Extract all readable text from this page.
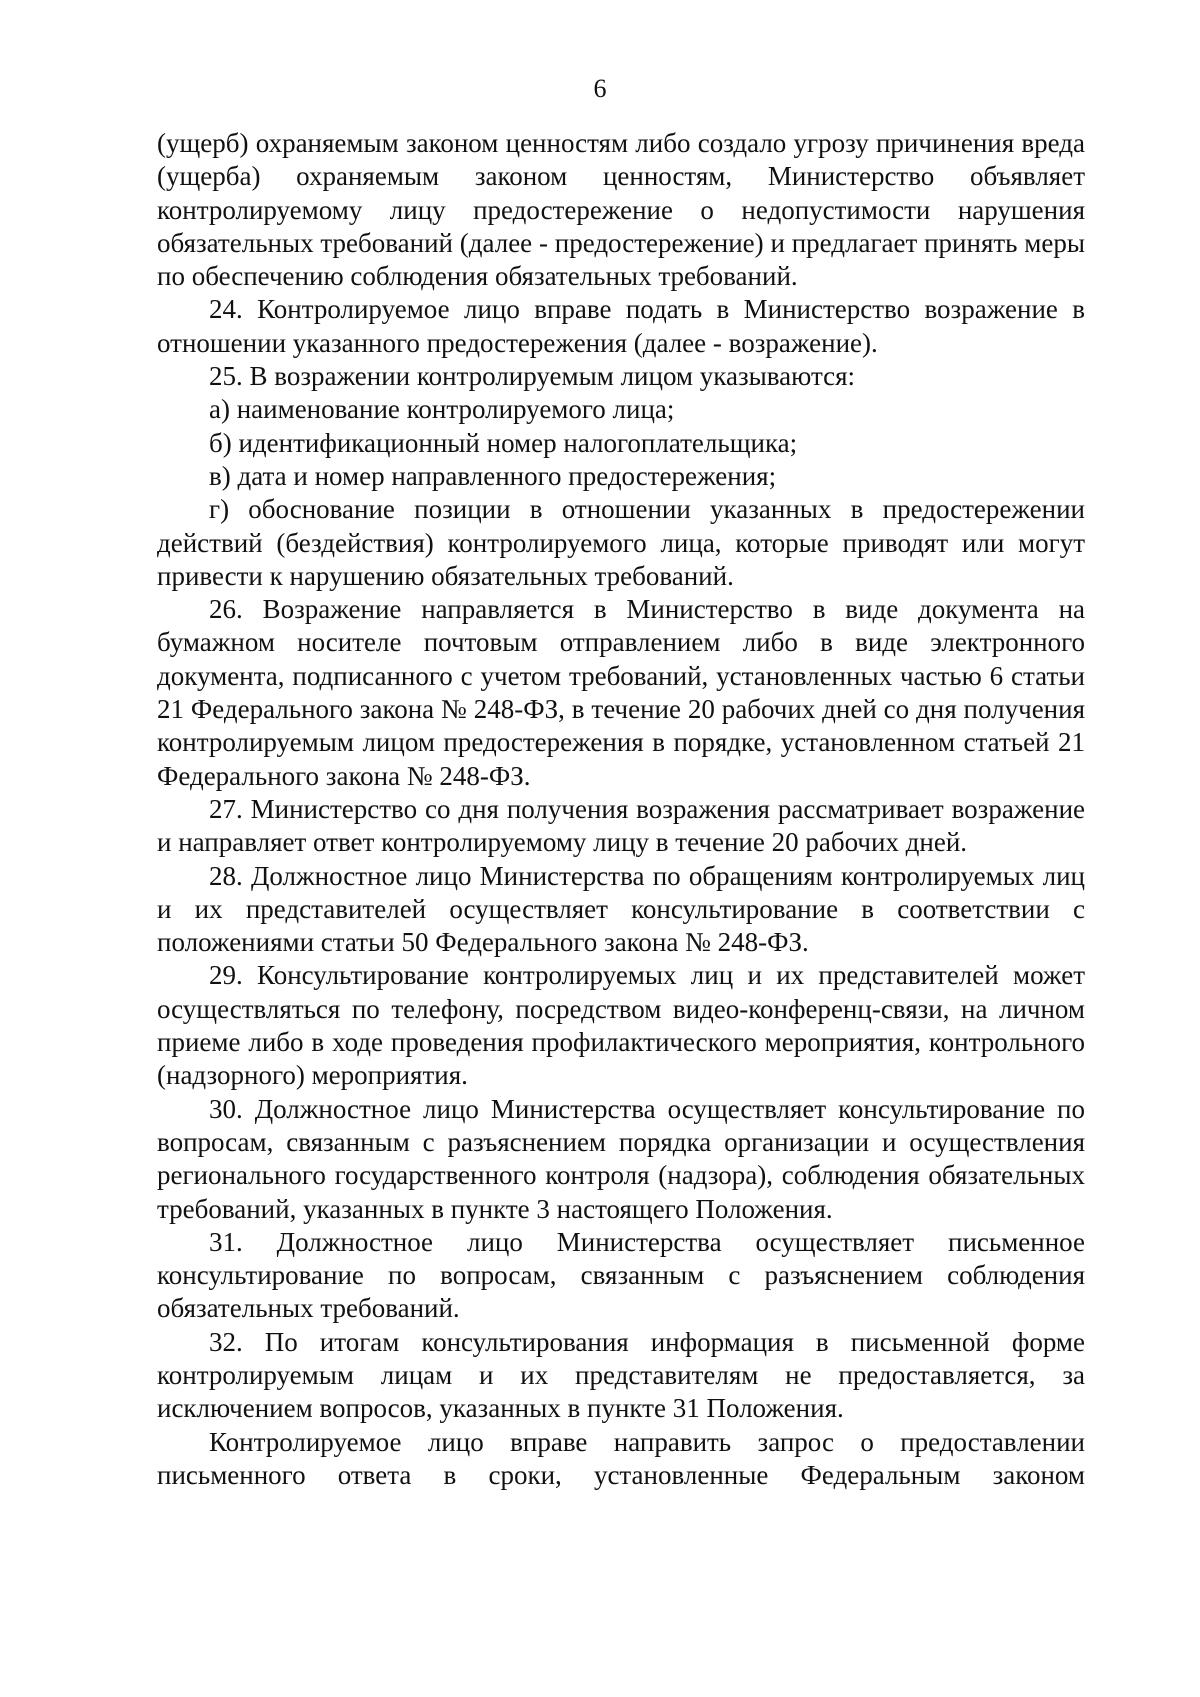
6

(ущерб) охраняемым законом ценностям либо создало угрозу причинения вреда (ущерба) охраняемым законом ценностям, Министерство объявляет контролируемому лицу предостережение о недопустимости нарушения обязательных требований (далее - предостережение) и предлагает принять меры по обеспечению соблюдения обязательных требований.

24. Контролируемое лицо вправе подать в Министерство возражение в отношении указанного предостережения (далее - возражение).

25. В возражении контролируемым лицом указываются:

а) наименование контролируемого лица;

б) идентификационный номер налогоплательщика;

в) дата и номер направленного предостережения;

г) обоснование позиции в отношении указанных в предостережении действий (бездействия) контролируемого лица, которые приводят или могут привести к нарушению обязательных требований.

26. Возражение направляется в Министерство в виде документа на бумажном носителе почтовым отправлением либо в виде электронного документа, подписанного с учетом требований, установленных частью 6 статьи 21 Федерального закона № 248-ФЗ, в течение 20 рабочих дней со дня получения контролируемым лицом предостережения в порядке, установленном статьей 21 Федерального закона № 248-ФЗ.

27. Министерство со дня получения возражения рассматривает возражение и направляет ответ контролируемому лицу в течение 20 рабочих дней.

28. Должностное лицо Министерства по обращениям контролируемых лиц и их представителей осуществляет консультирование в соответствии с положениями статьи 50 Федерального закона № 248-ФЗ.

29. Консультирование контролируемых лиц и их представителей может осуществляться по телефону, посредством видео-конференц-связи, на личном приеме либо в ходе проведения профилактического мероприятия, контрольного (надзорного) мероприятия.

30. Должностное лицо Министерства осуществляет консультирование по вопросам, связанным с разъяснением порядка организации и осуществления регионального государственного контроля (надзора), соблюдения обязательных требований, указанных в пункте 3 настоящего Положения.

31. Должностное лицо Министерства осуществляет письменное консультирование по вопросам, связанным с разъяснением соблюдения обязательных требований.

32. По итогам консультирования информация в письменной форме контролируемым лицам и их представителям не предоставляется, за исключением вопросов, указанных в пункте 31 Положения.

Контролируемое лицо вправе направить запрос о предоставлении письменного ответа в сроки, установленные Федеральным законом
